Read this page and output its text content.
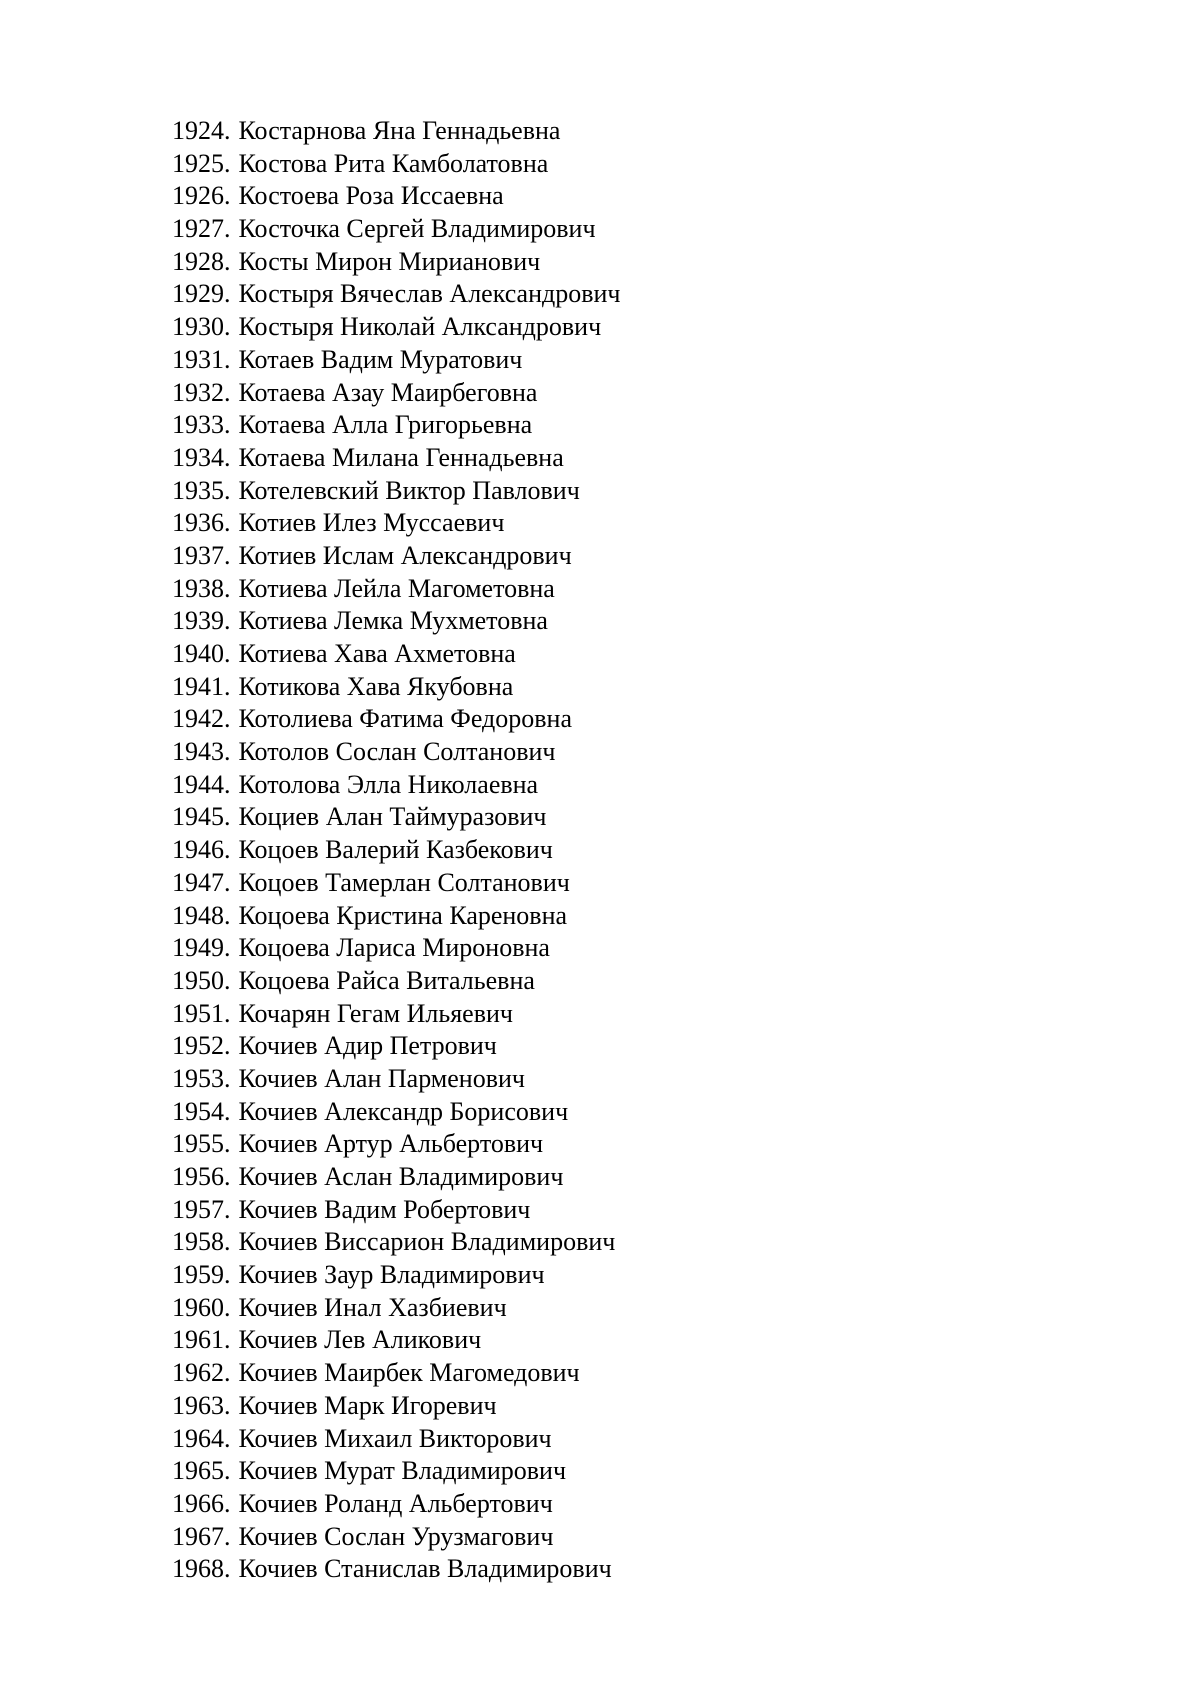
1924. Костарнова Яна Геннадьевна
1925. Костова Рита Камболатовна
1926. Костоева Роза Иссаевна
1927. Косточка Сергей Владимирович
1928. Косты Мирон Мирианович
1929. Костыря Вячеслав Александрович
1930. Костыря Николай Алксандрович
1931. Котаев Вадим Муратович
1932. Котаева Азау Маирбеговна
1933. Котаева Алла Григорьевна
1934. Котаева Милана Геннадьевна
1935. Котелевский Виктор Павлович
1936. Котиев Илез Муссаевич
1937. Котиев Ислам Александрович
1938. Котиева Лейла Магометовна
1939. Котиева Лемка Мухметовна
1940. Котиева Хава Ахметовна
1941. Котикова Хава Якубовна
1942. Котолиева Фатима Федоровна
1943. Котолов Сослан Солтанович
1944. Котолова Элла Николаевна
1945. Коциев Алан Таймуразович
1946. Коцоев Валерий Казбекович
1947. Коцоев Тамерлан Солтанович
1948. Коцоева Кристина Кареновна
1949. Коцоева Лариса Мироновна
1950. Коцоева Райса Витальевна
1951. Кочарян Гегам Ильяевич
1952. Кочиев Адир Петрович
1953. Кочиев Алан Парменович
1954. Кочиев Александр Борисович
1955. Кочиев Артур Альбертович
1956. Кочиев Аслан Владимирович
1957. Кочиев Вадим Робертович
1958. Кочиев Виссарион Владимирович
1959. Кочиев Заур Владимирович
1960. Кочиев Инал Хазбиевич
1961. Кочиев Лев Аликович
1962. Кочиев Маирбек Магомедович
1963. Кочиев Марк Игоревич
1964. Кочиев Михаил Викторович
1965. Кочиев Мурат Владимирович
1966. Кочиев Роланд Альбертович
1967. Кочиев Сослан Урузмагович
1968. Кочиев Станислав Владимирович
